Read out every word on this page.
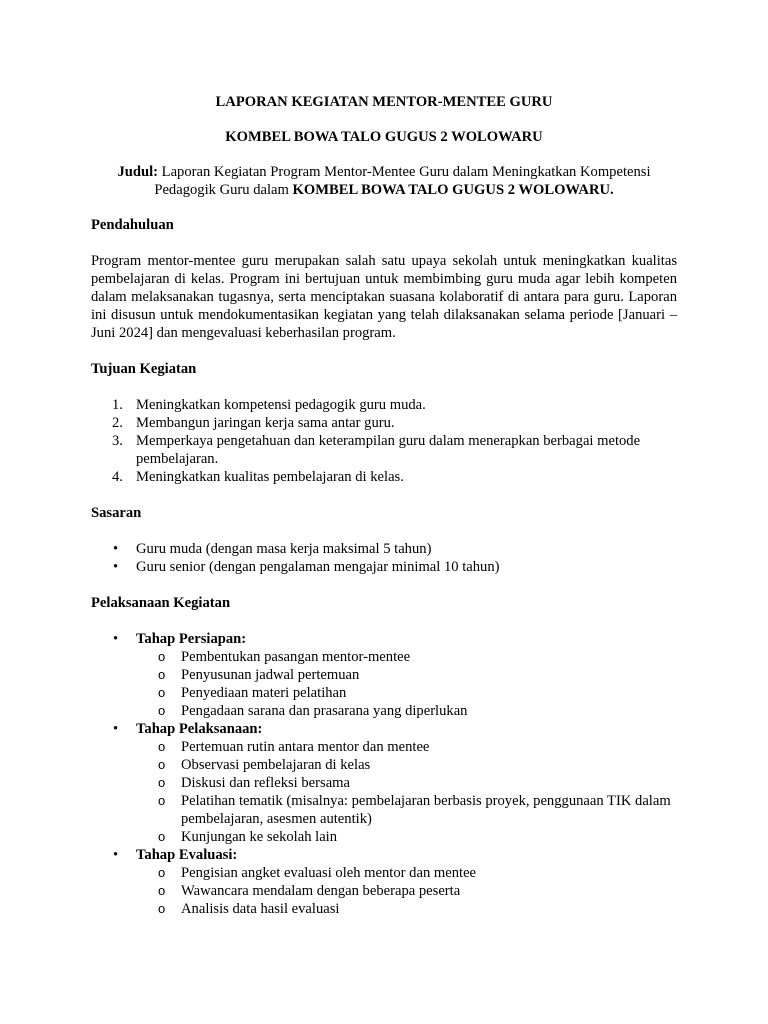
LAPORAN KEGIATAN MENTOR-MENTEE GURU

KOMBEL BOWA TALO GUGUS 2 WOLOWARU

Judul: Laporan Kegiatan Program Mentor-Mentee Guru dalam Meningkatkan Kompetensi Pedagogik Guru dalam KOMBEL BOWA TALO GUGUS 2 WOLOWARU.

Pendahuluan

Program mentor-mentee guru merupakan salah satu upaya sekolah untuk meningkatkan kualitas pembelajaran di kelas. Program ini bertujuan untuk membimbing guru muda agar lebih kompeten dalam melaksanakan tugasnya, serta menciptakan suasana kolaboratif di antara para guru. Laporan ini disusun untuk mendokumentasikan kegiatan yang telah dilaksanakan selama periode [Januari – Juni 2024] dan mengevaluasi keberhasilan program.

Tujuan Kegiatan

1. Meningkatkan kompetensi pedagogik guru muda.
2. Membangun jaringan kerja sama antar guru.
3. Memperkaya pengetahuan dan keterampilan guru dalam menerapkan berbagai metode pembelajaran.
4. Meningkatkan kualitas pembelajaran di kelas.

Sasaran

• Guru muda (dengan masa kerja maksimal 5 tahun)
• Guru senior (dengan pengalaman mengajar minimal 10 tahun)

Pelaksanaan Kegiatan

• Tahap Persiapan:
o Pembentukan pasangan mentor-mentee
o Penyusunan jadwal pertemuan
o Penyediaan materi pelatihan
o Pengadaan sarana dan prasarana yang diperlukan
• Tahap Pelaksanaan:
o Pertemuan rutin antara mentor dan mentee
o Observasi pembelajaran di kelas
o Diskusi dan refleksi bersama
o Pelatihan tematik (misalnya: pembelajaran berbasis proyek, penggunaan TIK dalam pembelajaran, asesmen autentik)
o Kunjungan ke sekolah lain
• Tahap Evaluasi:
o Pengisian angket evaluasi oleh mentor dan mentee
o Wawancara mendalam dengan beberapa peserta
o Analisis data hasil evaluasi
